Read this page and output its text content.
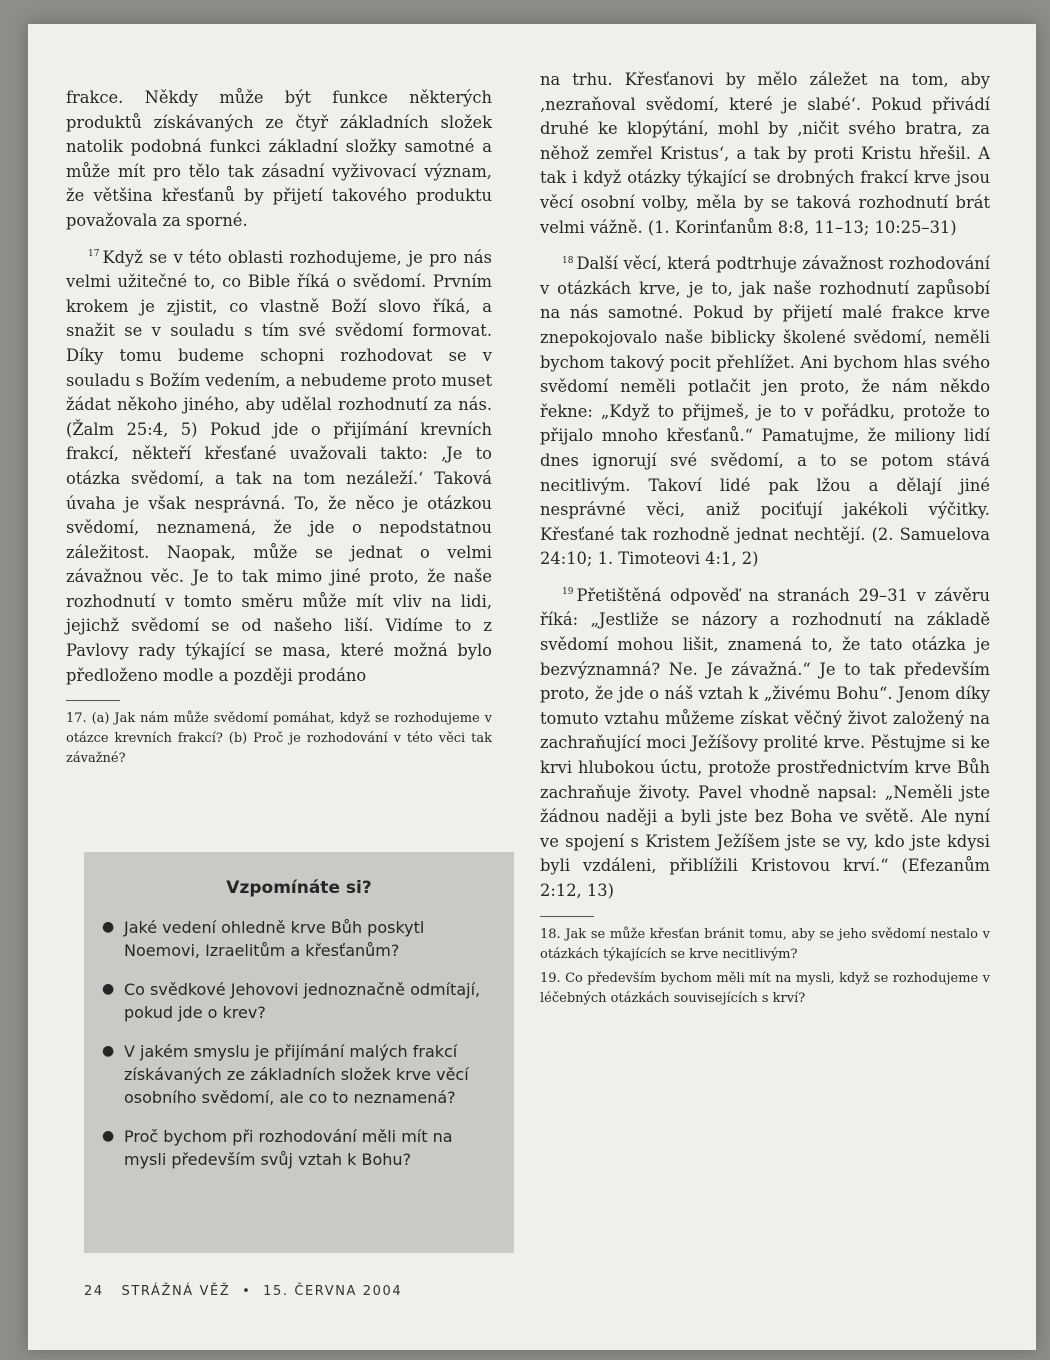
frakce. Někdy může být funkce některých produktů získávaných ze čtyř základních složek natolik podobná funkci základní složky samotné a může mít pro tělo tak zásadní vyživovací význam, že většina křesťanů by přijetí takového produktu považovala za sporné.

$^{17}$ Když se v této oblasti rozhodujeme, je pro nás velmi užitečné to, co Bible říká o svědomí. Prvním krokem je zjistit, co vlastně Boží slovo říká, a snažit se v souladu s tím své svědomí formovat. Díky tomu budeme schopni rozhodovat se v souladu s Božím vedením, a nebudeme proto muset žádat někoho jiného, aby udělal rozhodnutí za nás. (Žalm 25:4, 5) Pokud jde o přijímání krevních frakcí, někteří křesťané uvažovali takto: ‚Je to otázka svědomí, a tak na tom nezáleží.‘ Taková úvaha je však nesprávná. To, že něco je otázkou svědomí, neznamená, že jde o nepodstatnou záležitost. Naopak, může se jednat o velmi závažnou věc. Je to tak mimo jiné proto, že naše rozhodnutí v tomto směru může mít vliv na lidi, jejichž svědomí se od našeho liší. Vidíme to z Pavlovy rady týkající se masa, které možná bylo předloženo modle a později prodáno

17. (a) Jak nám může svědomí pomáhat, když se rozhodujeme v otázce krevních frakcí? (b) Proč je rozhodování v této věci tak závažné?

Vzpomínáte si?
● Jaké vedení ohledně krve Bůh poskytl Noemovi, Izraelitům a křesťanům?
● Co svědkové Jehovovi jednoznačně odmítají, pokud jde o krev?
● V jakém smyslu je přijímání malých frakcí získávaných ze základních složek krve věcí osobního svědomí, ale co to neznamená?
● Proč bychom při rozhodování měli mít na mysli především svůj vztah k Bohu?

na trhu. Křesťanovi by mělo záležet na tom, aby ‚nezraňoval svědomí, které je slabé‘. Pokud přivádí druhé ke klopýtání, mohl by ‚ničit svého bratra, za něhož zemřel Kristus‘, a tak by proti Kristu hřešil. A tak i když otázky týkající se drobných frakcí krve jsou věcí osobní volby, měla by se taková rozhodnutí brát velmi vážně. (1. Korinťanům 8:8, 11–13; 10:25–31)

$^{18}$ Další věcí, která podtrhuje závažnost rozhodování v otázkách krve, je to, jak naše rozhodnutí zapůsobí na nás samotné. Pokud by přijetí malé frakce krve znepokojovalo naše biblicky školené svědomí, neměli bychom takový pocit přehlížet. Ani bychom hlas svého svědomí neměli potlačit jen proto, že nám někdo řekne: „Když to přijmeš, je to v pořádku, protože to přijalo mnoho křesťanů.“ Pamatujme, že miliony lidí dnes ignorují své svědomí, a to se potom stává necitlivým. Takoví lidé pak lžou a dělají jiné nesprávné věci, aniž pociťují jakékoli výčitky. Křesťané tak rozhodně jednat nechtějí. (2. Samuelova 24:10; 1. Timoteovi 4:1, 2)

$^{19}$ Přetištěná odpověď na stranách 29–31 v závěru říká: „Jestliže se názory a rozhodnutí na základě svědomí mohou lišit, znamená to, že tato otázka je bezvýznamná? Ne. Je závažná.“ Je to tak především proto, že jde o náš vztah k „živému Bohu“. Jenom díky tomuto vztahu můžeme získat věčný život založený na zachraňující moci Ježíšovy prolité krve. Pěstujme si ke krvi hlubokou úctu, protože prostřednictvím krve Bůh zachraňuje životy. Pavel vhodně napsal: „Neměli jste žádnou naději a byli jste bez Boha ve světě. Ale nyní ve spojení s Kristem Ježíšem jste se vy, kdo jste kdysi byli vzdáleni, přiblížili Kristovou krví.“ (Efezanům 2:12, 13)

18. Jak se může křesťan bránit tomu, aby se jeho svědomí nestalo v otázkách týkajících se krve necitlivým?

19. Co především bychom měli mít na mysli, když se rozhodujeme v léčebných otázkách souvisejících s krví?

24 STRÁŽNÁ VĚŽ • 15. ČERVNA 2004
